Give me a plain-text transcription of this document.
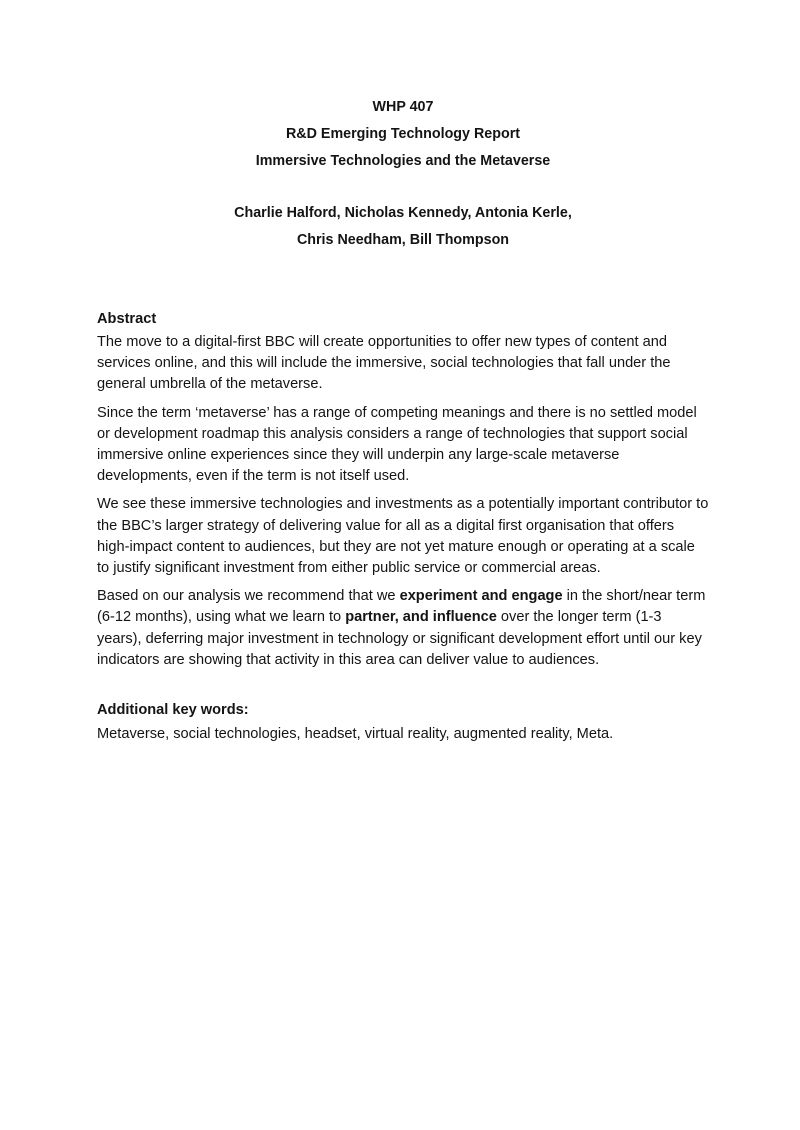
WHP 407
R&D Emerging Technology Report
Immersive Technologies and the Metaverse
Charlie Halford, Nicholas Kennedy, Antonia Kerle,
Chris Needham, Bill Thompson
Abstract

The move to a digital-first BBC will create opportunities to offer new types of content and services online, and this will include the immersive, social technologies that fall under the general umbrella of the metaverse.

Since the term ‘metaverse’ has a range of competing meanings and there is no settled model or development roadmap this analysis considers a range of technologies that support social immersive online experiences since they will underpin any large-scale metaverse developments, even if the term is not itself used.

We see these immersive technologies and investments as a potentially important contributor to the BBC’s larger strategy of delivering value for all as a digital first organisation that offers high-impact content to audiences, but they are not yet mature enough or operating at a scale to justify significant investment from either public service or commercial areas.

Based on our analysis we recommend that we experiment and engage in the short/near term (6-12 months), using what we learn to partner, and influence over the longer term (1-3 years), deferring major investment in technology or significant development effort until our key indicators are showing that activity in this area can deliver value to audiences.

Additional key words:
Metaverse, social technologies, headset, virtual reality, augmented reality, Meta.
